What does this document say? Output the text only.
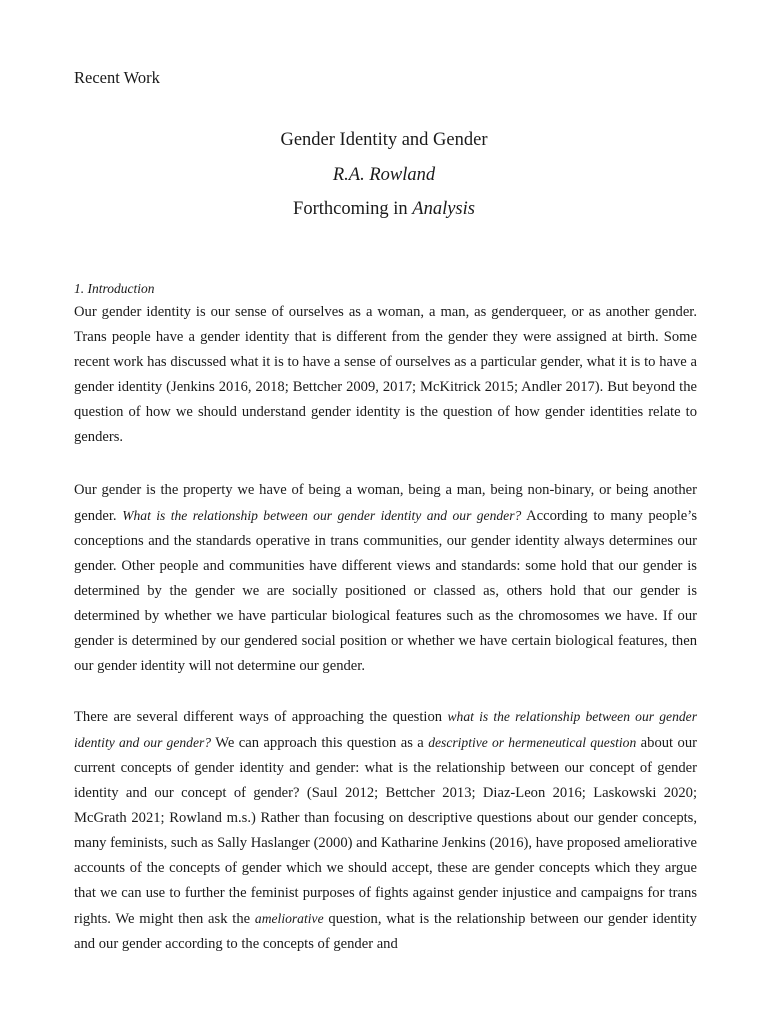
Recent Work
Gender Identity and Gender
R.A. Rowland
Forthcoming in Analysis
1. Introduction

Our gender identity is our sense of ourselves as a woman, a man, as genderqueer, or as another gender. Trans people have a gender identity that is different from the gender they were assigned at birth. Some recent work has discussed what it is to have a sense of ourselves as a particular gender, what it is to have a gender identity (Jenkins 2016, 2018; Bettcher 2009, 2017; McKitrick 2015; Andler 2017). But beyond the question of how we should understand gender identity is the question of how gender identities relate to genders.

Our gender is the property we have of being a woman, being a man, being non-binary, or being another gender. What is the relationship between our gender identity and our gender? According to many people’s conceptions and the standards operative in trans communities, our gender identity always determines our gender. Other people and communities have different views and standards: some hold that our gender is determined by the gender we are socially positioned or classed as, others hold that our gender is determined by whether we have particular biological features such as the chromosomes we have. If our gender is determined by our gendered social position or whether we have certain biological features, then our gender identity will not determine our gender.

There are several different ways of approaching the question what is the relationship between our gender identity and our gender? We can approach this question as a descriptive or hermeneutical question about our current concepts of gender identity and gender: what is the relationship between our concept of gender identity and our concept of gender? (Saul 2012; Bettcher 2013; Diaz-Leon 2016; Laskowski 2020; McGrath 2021; Rowland m.s.) Rather than focusing on descriptive questions about our gender concepts, many feminists, such as Sally Haslanger (2000) and Katharine Jenkins (2016), have proposed ameliorative accounts of the concepts of gender which we should accept, these are gender concepts which they argue that we can use to further the feminist purposes of fights against gender injustice and campaigns for trans rights. We might then ask the ameliorative question, what is the relationship between our gender identity and our gender according to the concepts of gender and
